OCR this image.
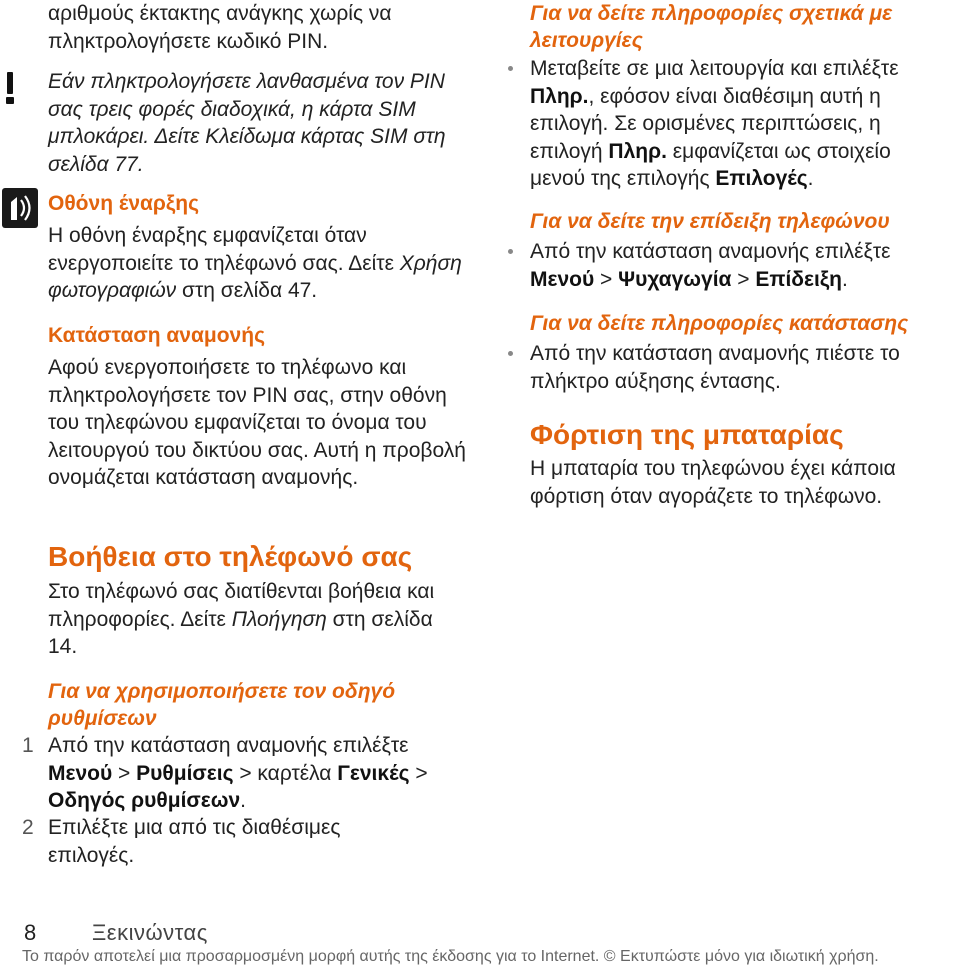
αριθμούς έκτακτης ανάγκης χωρίς να πληκτρολογήσετε κωδικό PIN.

Εάν πληκτρολογήσετε λανθασμένα τον PIN σας τρεις φορές διαδοχικά, η κάρτα SIM μπλοκάρει. Δείτε Κλείδωμα κάρτας SIM στη σελίδα 77.

Οθόνη έναρξης

Η οθόνη έναρξης εμφανίζεται όταν ενεργοποιείτε το τηλέφωνό σας. Δείτε Χρήση φωτογραφιών στη σελίδα 47.

Κατάσταση αναμονής

Αφού ενεργοποιήσετε το τηλέφωνο και πληκτρολογήσετε τον PIN σας, στην οθόνη του τηλεφώνου εμφανίζεται το όνομα του λειτουργού του δικτύου σας. Αυτή η προβολή ονομάζεται κατάσταση αναμονής.

Βοήθεια στο τηλέφωνό σας

Στο τηλέφωνό σας διατίθενται βοήθεια και πληροφορίες. Δείτε Πλοήγηση στη σελίδα 14.

Για να χρησιμοποιήσετε τον οδηγό ρυθμίσεων
1 Από την κατάσταση αναμονής επιλέξτε Μενού > Ρυθμίσεις > καρτέλα Γενικές > Οδηγός ρυθμίσεων.

2 Επιλέξτε μια από τις διαθέσιμες επιλογές.

Για να δείτε πληροφορίες σχετικά με λειτουργίες

Μεταβείτε σε μια λειτουργία και επιλέξτε Πληρ., εφόσον είναι διαθέσιμη αυτή η επιλογή. Σε ορισμένες περιπτώσεις, η επιλογή Πληρ. εμφανίζεται ως στοιχείο μενού της επιλογής Επιλογές.

Για να δείτε την επίδειξη τηλεφώνου

Από την κατάσταση αναμονής επιλέξτε Μενού > Ψυχαγωγία > Επίδειξη.

Για να δείτε πληροφορίες κατάστασης

Από την κατάσταση αναμονής πιέστε το πλήκτρο αύξησης έντασης.

Φόρτιση της μπαταρίας

Η μπαταρία του τηλεφώνου έχει κάποια φόρτιση όταν αγοράζετε το τηλέφωνο.

8	Ξεκινώντας
Το παρόν αποτελεί μια προσαρμοσμένη μορφή αυτής της έκδοσης για το Internet. © Εκτυπώστε μόνο για ιδιωτική χρήση.
